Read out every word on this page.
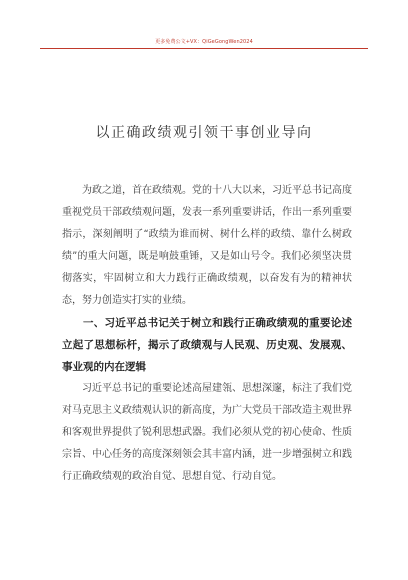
更多免费公文+VX：QiGeGongWen2024
以正确政绩观引领干事创业导向

为政之道，首在政绩观。党的十八大以来，习近平总书记高度重视党员干部政绩观问题，发表一系列重要讲话，作出一系列重要指示，深刻阐明了“政绩为谁而树、树什么样的政绩、靠什么树政绩”的重大问题，既是响鼓重锤，又是如山号令。我们必须坚决贯彻落实，牢固树立和大力践行正确政绩观，以奋发有为的精神状态，努力创造实打实的业绩。

一、习近平总书记关于树立和践行正确政绩观的重要论述立起了思想标杆，揭示了政绩观与人民观、历史观、发展观、事业观的内在逻辑

习近平总书记的重要论述高屋建瓴、思想深邃，标注了我们党对马克思主义政绩观认识的新高度，为广大党员干部改造主观世界和客观世界提供了锐利思想武器。我们必须从党的初心使命、性质宗旨、中心任务的高度深刻领会其丰富内涵，进一步增强树立和践行正确政绩观的政治自觉、思想自觉、行动自觉。
